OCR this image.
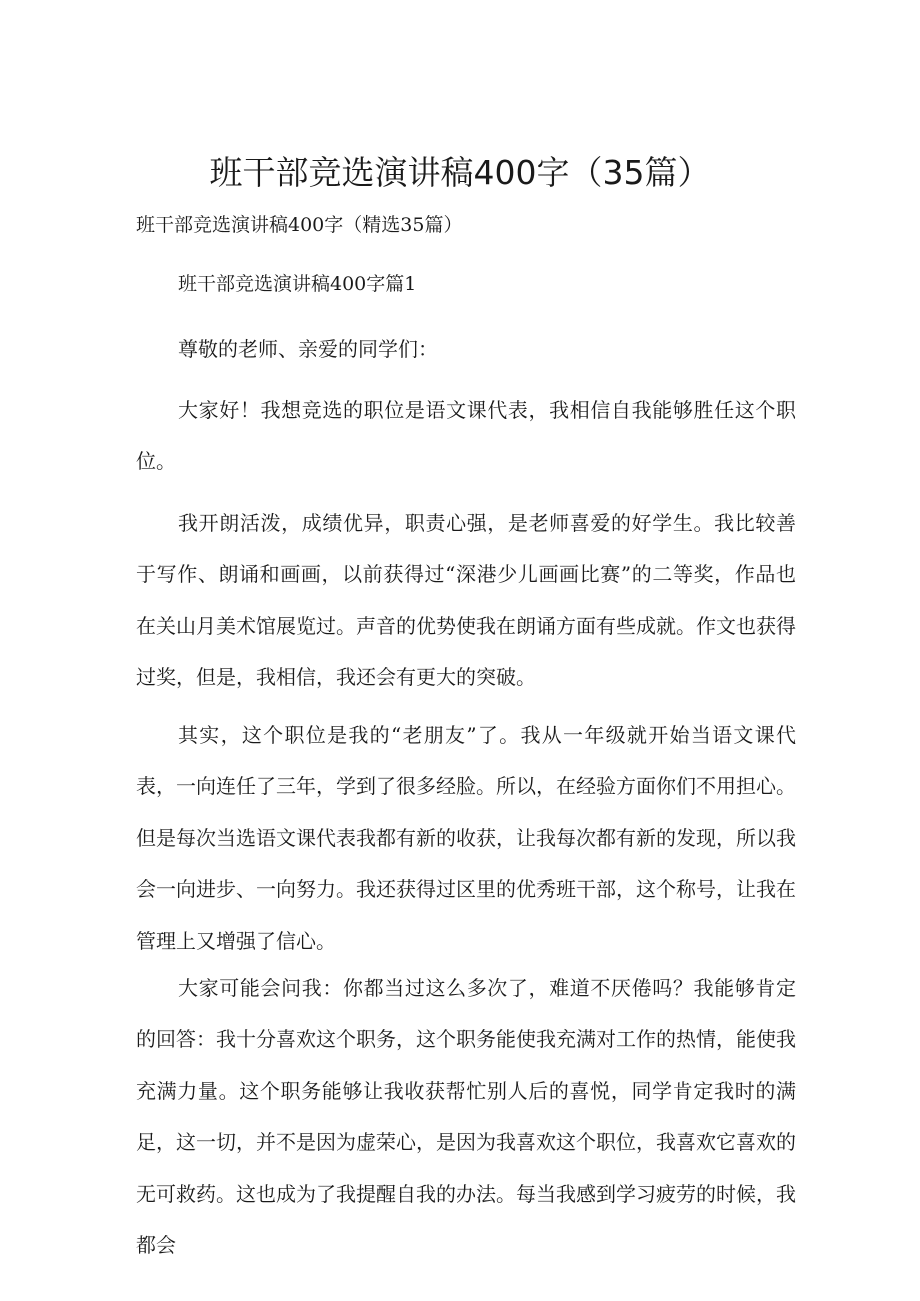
班干部竞选演讲稿400字（35篇）

班干部竞选演讲稿400字（精选35篇）

班干部竞选演讲稿400字篇1

尊敬的老师、亲爱的同学们：

大家好！我想竞选的职位是语文课代表，我相信自我能够胜任这个职位。

我开朗活泼，成绩优异，职责心强，是老师喜爱的好学生。我比较善于写作、朗诵和画画，以前获得过“深港少儿画画比赛”的二等奖，作品也在关山月美术馆展览过。声音的优势使我在朗诵方面有些成就。作文也获得过奖，但是，我相信，我还会有更大的突破。

其实，这个职位是我的“老朋友”了。我从一年级就开始当语文课代表，一向连任了三年，学到了很多经脸。所以，在经验方面你们不用担心。但是每次当选语文课代表我都有新的收获，让我每次都有新的发现，所以我会一向进步、一向努力。我还获得过区里的优秀班干部，这个称号，让我在管理上又增强了信心。

大家可能会问我：你都当过这么多次了，难道不厌倦吗？我能够肯定的回答：我十分喜欢这个职务，这个职务能使我充满对工作的热情，能使我充满力量。这个职务能够让我收获帮忙别人后的喜悦，同学肯定我时的满足，这一切，并不是因为虚荣心，是因为我喜欢这个职位，我喜欢它喜欢的无可救药。这也成为了我提醒自我的办法。每当我感到学习疲劳的时候，我都会
